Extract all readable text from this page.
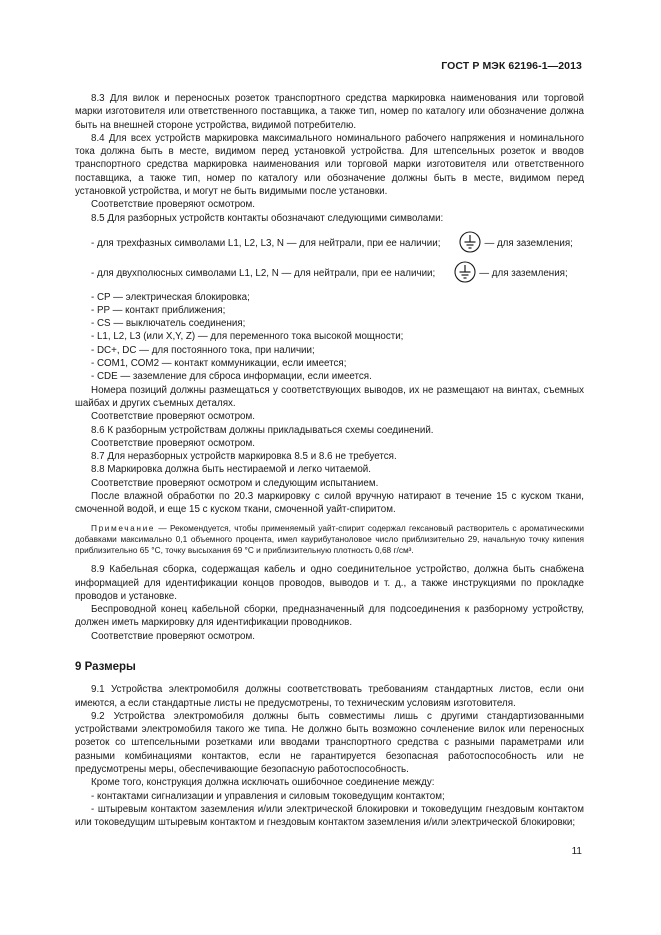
ГОСТ Р МЭК 62196-1—2013

8.3 Для вилок и переносных розеток транспортного средства маркировка наименования или торговой марки изготовителя или ответственного поставщика, а также тип, номер по каталогу или обозначение должна быть на внешней стороне устройства, видимой потребителю.

8.4 Для всех устройств маркировка максимального номинального рабочего напряжения и номинального тока должна быть в месте, видимом перед установкой устройства. Для штепсельных розеток и вводов транспортного средства маркировка наименования или торговой марки изготовителя или ответственного поставщика, а также тип, номер по каталогу или обозначение должны быть в месте, видимом перед установкой устройства, и могут не быть видимыми после установки.

Соответствие проверяют осмотром.

8.5 Для разборных устройств контакты обозначают следующими символами:

- для трехфазных символами L1, L2, L3, N — для нейтрали, при ее наличии;	— для заземления;

- для двухполюсных символами L1, L2, N — для нейтрали, при ее наличии;	— для заземления;

- CP — электрическая блокировка;

- PP — контакт приближения;

- CS — выключатель соединения;

- L1, L2, L3 (или X,Y, Z) — для переменного тока высокой мощности;

- DC+, DC — для постоянного тока, при наличии;

- COM1, COM2 — контакт коммуникации, если имеется;

- CDE — заземление для сброса информации, если имеется.

Номера позиций должны размещаться у соответствующих выводов, их не размещают на винтах, съемных шайбах и других съемных деталях.

Соответствие проверяют осмотром.

8.6 К разборным устройствам должны прикладываться схемы соединений.

Соответствие проверяют осмотром.

8.7 Для неразборных устройств маркировка 8.5 и 8.6 не требуется.

8.8 Маркировка должна быть нестираемой и легко читаемой.

Соответствие проверяют осмотром и следующим испытанием.

После влажной обработки по 20.3 маркировку с силой вручную натирают в течение 15 с куском ткани, смоченной водой, и еще 15 с куском ткани, смоченной уайт-спиритом.

Примечание — Рекомендуется, чтобы применяемый уайт-спирит содержал гексановый растворитель с ароматическими добавками максимально 0,1 объемного процента, имел каурибутаноловое число приблизительно 29, начальную точку кипения приблизительно 65 °C, точку высыхания 69 °C и приблизительную плотность 0,68 г/см³.

8.9 Кабельная сборка, содержащая кабель и одно соединительное устройство, должна быть снабжена информацией для идентификации концов проводов, выводов и т. д., а также инструкциями по прокладке проводов и установке.

Беспроводной конец кабельной сборки, предназначенный для подсоединения к разборному устройству, должен иметь маркировку для идентификации проводников.

Соответствие проверяют осмотром.

9 Размеры

9.1 Устройства электромобиля должны соответствовать требованиям стандартных листов, если они имеются, а если стандартные листы не предусмотрены, то техническим условиям изготовителя.

9.2 Устройства электромобиля должны быть совместимы лишь с другими стандартизованными устройствами электромобиля такого же типа. Не должно быть возможно сочленение вилок или переносных розеток со штепсельными розетками или вводами транспортного средства с разными параметрами или разными комбинациями контактов, если не гарантируется безопасная работоспособность или не предусмотрены меры, обеспечивающие безопасную работоспособность.

Кроме того, конструкция должна исключать ошибочное соединение между:

- контактами сигнализации и управления и силовым токоведущим контактом;

- штыревым контактом заземления и/или электрической блокировки и токоведущим гнездовым контактом или токоведущим штыревым контактом и гнездовым контактом заземления и/или электрической блокировки;

11
